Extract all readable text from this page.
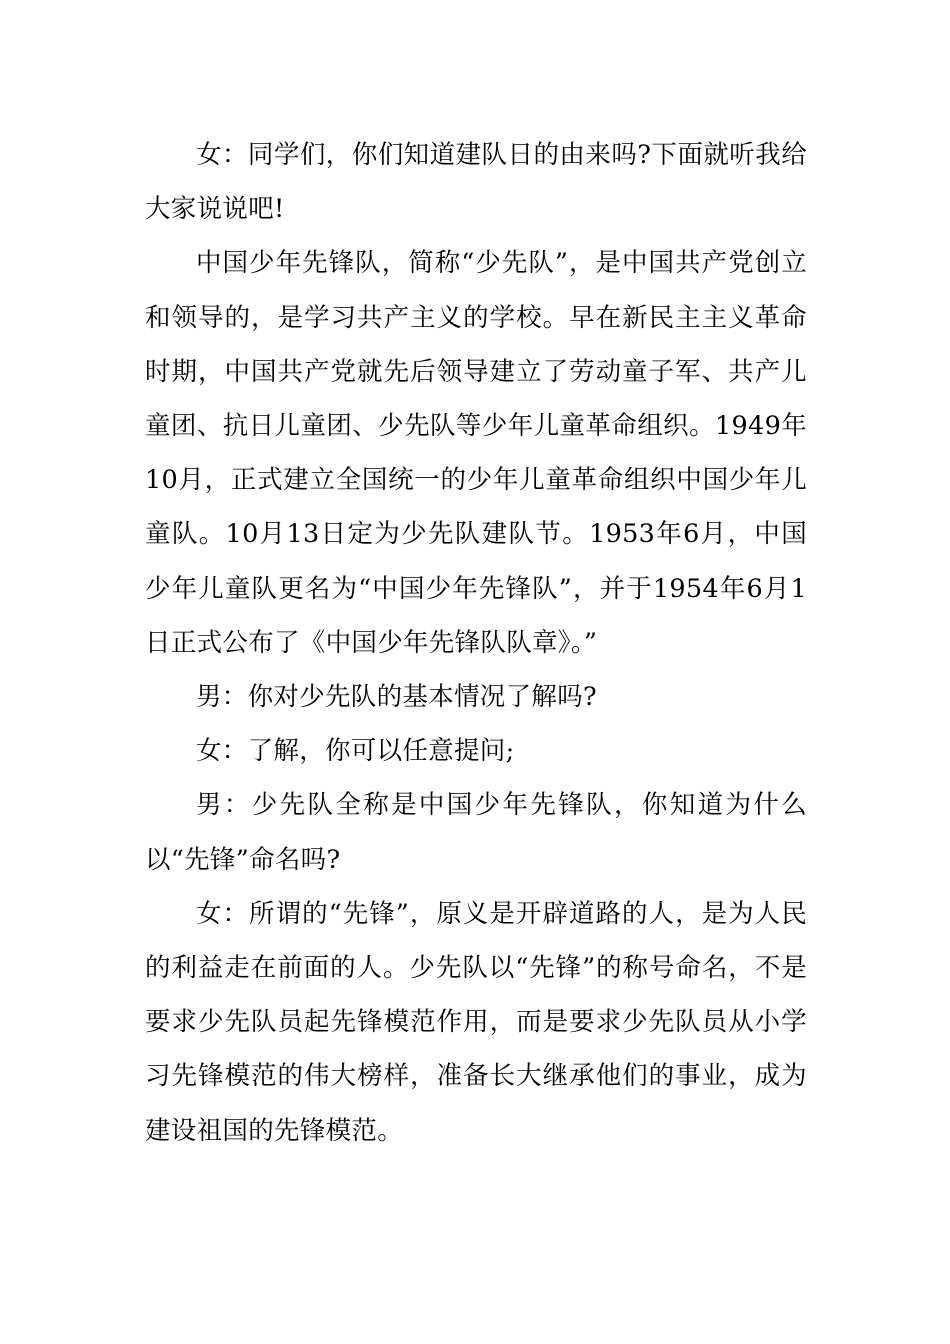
女：同学们，你们知道建队日的由来吗?下面就听我给大家说说吧!

中国少年先锋队，简称“少先队”，是中国共产党创立和领导的，是学习共产主义的学校。早在新民主主义革命时期，中国共产党就先后领导建立了劳动童子军、共产儿童团、抗日儿童团、少先队等少年儿童革命组织。1949年10月，正式建立全国统一的少年儿童革命组织中国少年儿童队。10月13日定为少先队建队节。1953年6月，中国少年儿童队更名为“中国少年先锋队”，并于1954年6月1日正式公布了《中国少年先锋队队章》。”

男：你对少先队的基本情况了解吗?

女：了解，你可以任意提问;

男：少先队全称是中国少年先锋队，你知道为什么以“先锋”命名吗?

女：所谓的“先锋”，原义是开辟道路的人，是为人民的利益走在前面的人。少先队以“先锋”的称号命名，不是要求少先队员起先锋模范作用，而是要求少先队员从小学习先锋模范的伟大榜样，准备长大继承他们的事业，成为建设祖国的先锋模范。
